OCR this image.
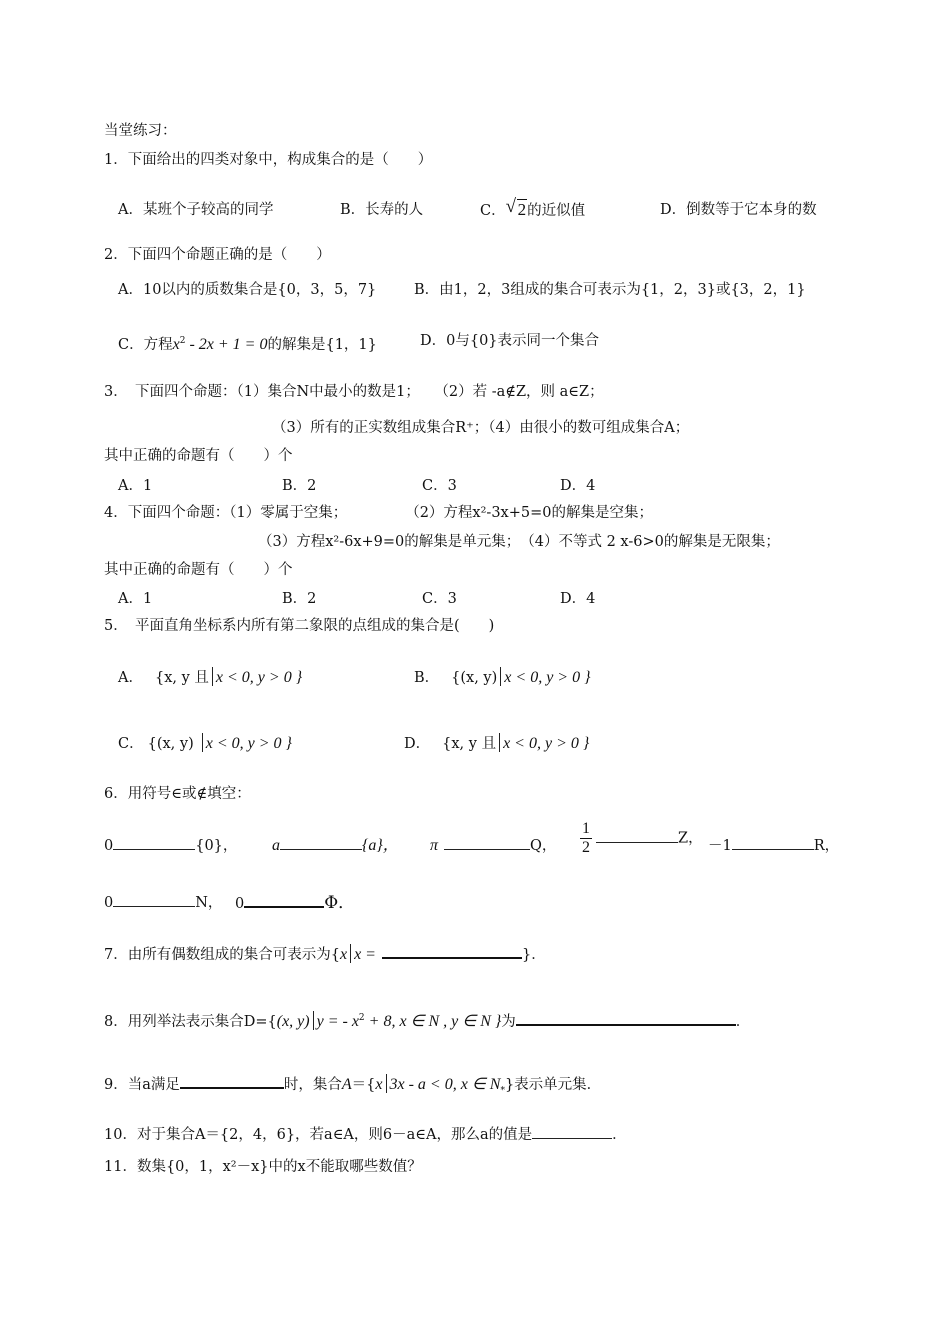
当堂练习：
1．下面给出的四类对象中，构成集合的是（　　）
A．某班个子较高的同学	B．长寿的人	C． √ 2的近似值	D．倒数等于它本身的数
2．下面四个命题正确的是（　　）
A．10以内的质数集合是{0，3，5，7}	B．由1，2，3组成的集合可表示为{1，2，3}或{3，2，1}
C．方程$x^2 - 2x + 1 = 0$的解集是{1，1}	D．0与{0}表示同一个集合
3．　下面四个命题：（1）集合N中最小的数是1；　　（2）若 -a∉Z，则 a∈Z；
（3）所有的正实数组成集合R⁺；（4）由很小的数可组成集合A；
其中正确的命题有（　　）个
A．1	B．2	C．3	D．4
4．下面四个命题：（1）零属于空集；　　　　　（2）方程x²-3x+5=0的解集是空集；
（3）方程x²-6x+9=0的解集是单元集；　（4）不等式 2 x-6>0的解集是无限集；
其中正确的命题有（　　）个
A．1	B．2	C．3	D．4
5．　平面直角坐标系内所有第二象限的点组成的集合是(　　)
A． {x, y 且 x < 0, y > 0 }	B． {(x, y) x < 0, y > 0 }
C． {(x, y) x < 0, y > 0 }	D． {x, y 且 x < 0, y > 0 }
6．用符号∈或∉填空：
0	{0}， a	{a}， π	Q， $\frac{1}{2}$	Z， －1	R，
0	N， 0	Φ．
7．由所有偶数组成的集合可表示为{x x =	}．
8．用列举法表示集合D={(x, y) y = - $x^2 + 8$, x ∈ N , y ∈ N }为	．
9．当a满足	时，集合A＝{x 3x - a < 0, x ∈ $N_*$}表示单元集．
10．对于集合A＝{2，4，6}，若a∈A，则6－a∈A，那么a的值是	．
11．数集{0，1，x²－x}中的x不能取哪些数值？
